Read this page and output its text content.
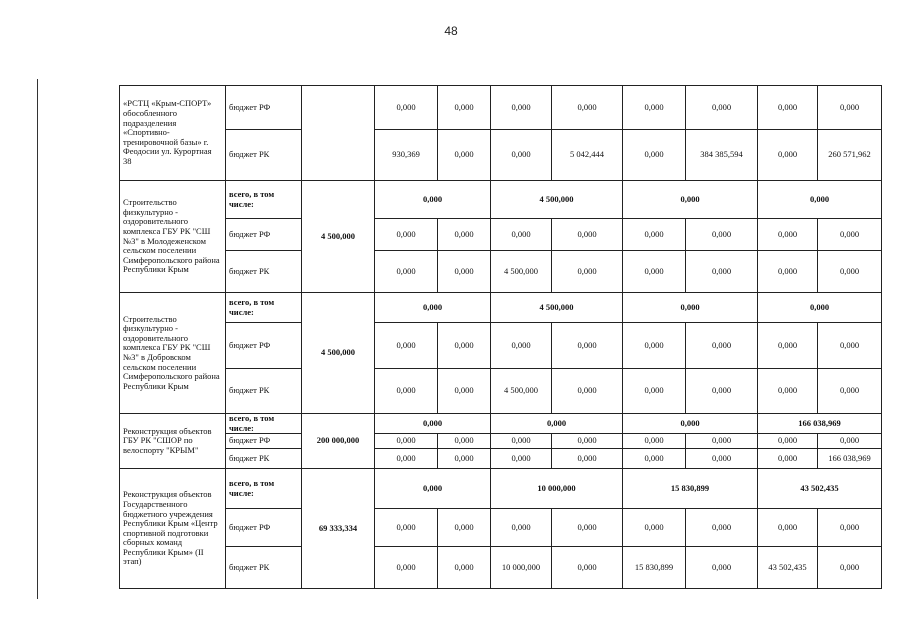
48
«РСТЦ «Крым-СПОРТ» обособленного подразделения «Спортивно-тренировочной базы» г. Феодосии ул. Курортная 38	бюджет РФ		0,000	0,000	0,000	0,000	0,000	0,000	0,000	0,000
	бюджет РК		930,369	0,000	0,000	5 042,444	0,000	384 385,594	0,000	260 571,962
Строительство физкультурно - оздоровительного комплекса ГБУ РК "СШ №3" в Молодеженском сельском поселении Симферопольского района Республики Крым	всего, в том числе:	4 500,000	0,000		4 500,000		0,000		0,000	
	бюджет РФ		0,000	0,000	0,000	0,000	0,000	0,000	0,000	0,000
	бюджет РК		0,000	0,000	4 500,000	0,000	0,000	0,000	0,000	0,000
Строительство физкультурно - оздоровительного комплекса ГБУ РК "СШ №3" в Добровском сельском поселении Симферопольского района Республики Крым	всего, в том числе:	4 500,000	0,000		4 500,000		0,000		0,000	
	бюджет РФ		0,000	0,000	0,000	0,000	0,000	0,000	0,000	0,000
	бюджет РК		0,000	0,000	4 500,000	0,000	0,000	0,000	0,000	0,000
Реконструкция объектов ГБУ РК "СШОР по велоспорту "КРЫМ"	всего, в том числе:	200 000,000	0,000		0,000		0,000		166 038,969	
	бюджет РФ		0,000	0,000	0,000	0,000	0,000	0,000	0,000	0,000
	бюджет РК		0,000	0,000	0,000	0,000	0,000	0,000	0,000	166 038,969
Реконструкция объектов Государственного бюджетного учреждения Республики Крым «Центр спортивной подготовки сборных команд Республики Крым» (II этап)	всего, в том числе:	69 333,334	0,000		10 000,000		15 830,899		43 502,435	
	бюджет РФ		0,000	0,000	0,000	0,000	0,000	0,000	0,000	0,000
	бюджет РК		0,000	0,000	10 000,000	0,000	15 830,899	0,000	43 502,435	0,000
